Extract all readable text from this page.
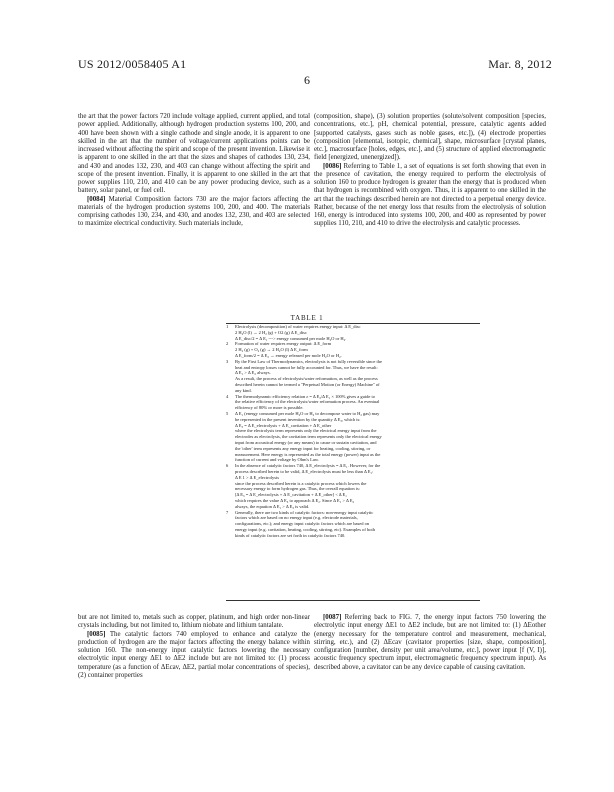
US 2012/0058405 A1	Mar. 8, 2012
6

the art that the power factors 720 include voltage applied, current applied, and total power applied. Additionally, although hydrogen production systems 100, 200, and 400 have been shown with a single cathode and single anode, it is apparent to one skilled in the art that the number of voltage/current applications points can be increased without affecting the spirit and scope of the present invention. Likewise it is apparent to one skilled in the art that the sizes and shapes of cathodes 130, 234, and 430 and anodes 132, 230, and 403 can change without affecting the spirit and scope of the present invention. Finally, it is apparent to one skilled in the art that power supplies 110, 210, and 410 can be any power producing device, such as a battery, solar panel, or fuel cell.

[0084] Material Composition factors 730 are the major factors affecting the materials of the hydrogen production systems 100, 200, and 400. The materials comprising cathodes 130, 234, and 430, and anodes 132, 230, and 403 are selected to maximize electrical conductivity. Such materials include,

(composition, shape), (3) solution properties (solute/solvent composition [species, concentrations, etc.], pH, chemical potential, pressure, catalytic agents added [supported catalysts, gases such as noble gases, etc.]), (4) electrode properties (composition [elemental, isotopic, chemical], shape, microsurface [crystal planes, etc.], macrosurface [holes, edges, etc.], and (5) structure of applied electromagnetic field [energized, unenergized]).

[0086] Referring to Table 1, a set of equations is set forth showing that even in the presence of cavitation, the energy required to perform the electrolysis of solution 160 to produce hydrogen is greater than the energy that is produced when that hydrogen is recombined with oxygen. Thus, it is apparent to one skilled in the art that the teachings described herein are not directed to a perpetual energy device. Rather, because of the net energy loss that results from the electrolysis of solution 160, energy is introduced into systems 100, 200, and 400 as represented by power supplies 110, 210, and 410 to drive the electrolysis and catalytic processes.

TABLE 1
1	Electrolysis (decomposition) of water requires energy input: Δ E_disc
2 H₂O (l) → 2 H₂ (g) + O2 (g) Δ E_disc
Δ E_disc/2 = Δ E₁ ---> energy consumed per mole H₂O or H₂.
2	Formation of water requires energy output: Δ E_form
2 H₂ (g) + O₂ (g) → 2 H₂O (l) Δ E_form
Δ E_form/2 = Δ E₂ → energy released per mole H₂O or H₂.
3	By the First Law of Thermodynamics, electrolysis is not fully reversible since the
heat and entropy losses cannot be fully accounted for. Thus, we have the result:
Δ E₁ > Δ E₂ always.
As a result, the process of electrolysis/water reformation, as well as the process
described herein cannot be termed a "Perpetual Motion (or Energy) Machine" of
any kind.
4	The thermodynamic efficiency relation ε = Δ E₂/Δ E₁ × 100% gives a guide to
the relative efficiency of the electrolysis/water reformation process. An eventual
efficiency of 80% or more is possible.
5	Δ E₁ (energy consumed per mole H₂O or H₂ to decompose water to H₂ gas) may
be represented in the present invention by the quantity Δ E₃, which is:
Δ E₃ = Δ E_electrolysis + Δ E_cavitation + Δ E_other
where the electrolysis term represents only the electrical energy input from the
electrodes as electrolysis, the cavitation term represents only the electrical energy
input from acoustical energy (or any means) to cause or sustain cavitation, and
the 'other' term represents any energy input for heating, cooling, stirring, or
measurement. Here energy is represented as the total energy (power) input as the
function of current and voltage by Ohm's Law.
6	In the absence of catalytic factors 740, Δ E_electrolysis = Δ E₁. However, for the
process described herein to be valid, Δ E_electrolysis must be less than Δ E₁:
Δ E 1 > Δ E_electrolysis
since the process described herein is a catalytic process which lowers the
necessary energy to form hydrogen gas. Thus, the overall equation is:
[Δ E₃ = Δ E_electrolysis + Δ E_cavitation + Δ E_other] < Δ E₁
which requires the value Δ E₃ to approach Δ E₂. Since Δ E₁ > Δ E₂
always, the equation Δ E₁ > Δ E₃ is valid.
7	Generally, there are two kinds of catalytic factors: non-energy input catalytic
factors which are based on no energy input (e.g. electrode materials,
configurations, etc.); and energy input catalytic factors which are based on
energy input (e.g. cavitation, heating, cooling, stirring, etc). Examples of both
kinds of catalytic factors are set forth in catalytic factors 740.

but are not limited to, metals such as copper, platinum, and high order non-linear crystals including, but not limited to, lithium niobate and lithium tantalate.

[0085] The catalytic factors 740 employed to enhance and catalyze the production of hydrogen are the major factors affecting the energy balance within solution 160. The non-energy input catalytic factors lowering the necessary electrolytic input energy ΔE1 to ΔE2 include but are not limited to: (1) process temperature (as a function of ΔEcav, ΔE2, partial molar concentrations of species), (2) container properties

[0087] Referring back to FIG. 7, the energy input factors 750 lowering the electrolytic input energy ΔE1 to ΔE2 include, but are not limited to: (1) ΔEother (energy necessary for the temperature control and measurement, mechanical, stirring, etc.), and (2) ΔEcav (cavitator properties [size, shape, composition], configuration [number, density per unit area/volume, etc.], power input [f (V, I)], acoustic frequency spectrum input, electromagnetic frequency spectrum input). As described above, a cavitator can be any device capable of causing cavitation.
